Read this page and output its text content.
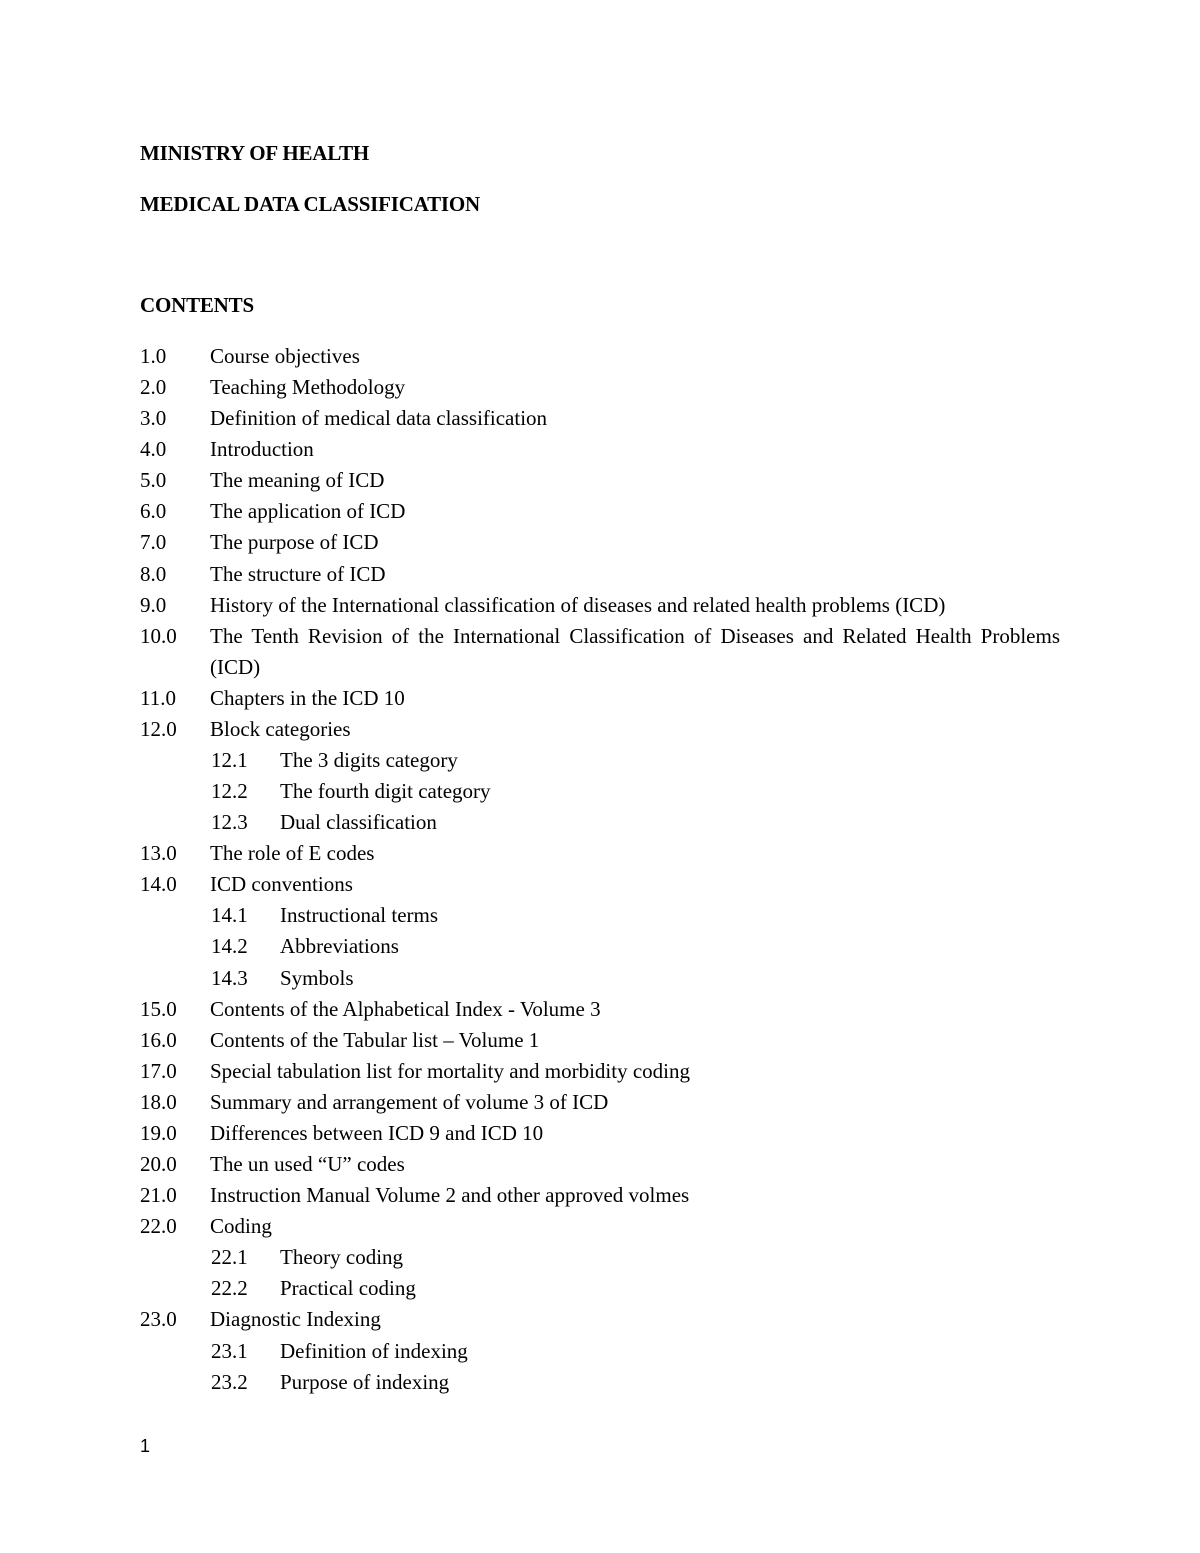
MINISTRY OF HEALTH
MEDICAL DATA CLASSIFICATION
CONTENTS
1.0 Course objectives
2.0 Teaching Methodology
3.0 Definition of medical data classification
4.0 Introduction
5.0 The meaning of ICD
6.0 The application of ICD
7.0 The purpose of ICD
8.0 The structure of ICD
9.0 History of the International classification of diseases and related health problems (ICD)
10.0 The Tenth Revision of the International Classification of Diseases and Related Health Problems (ICD)
11.0 Chapters in the ICD 10
12.0 Block categories
12.1 The 3 digits category
12.2 The fourth digit category
12.3 Dual classification
13.0 The role of E codes
14.0 ICD conventions
14.1 Instructional terms
14.2 Abbreviations
14.3 Symbols
15.0 Contents of the Alphabetical Index - Volume 3
16.0 Contents of the Tabular list – Volume 1
17.0 Special tabulation list for mortality and morbidity coding
18.0 Summary and arrangement of volume 3 of ICD
19.0 Differences between ICD 9 and ICD 10
20.0 The un used “U” codes
21.0 Instruction Manual Volume 2 and other approved volmes
22.0 Coding
22.1 Theory coding
22.2 Practical coding
23.0 Diagnostic Indexing
23.1 Definition of indexing
23.2 Purpose of indexing
1
